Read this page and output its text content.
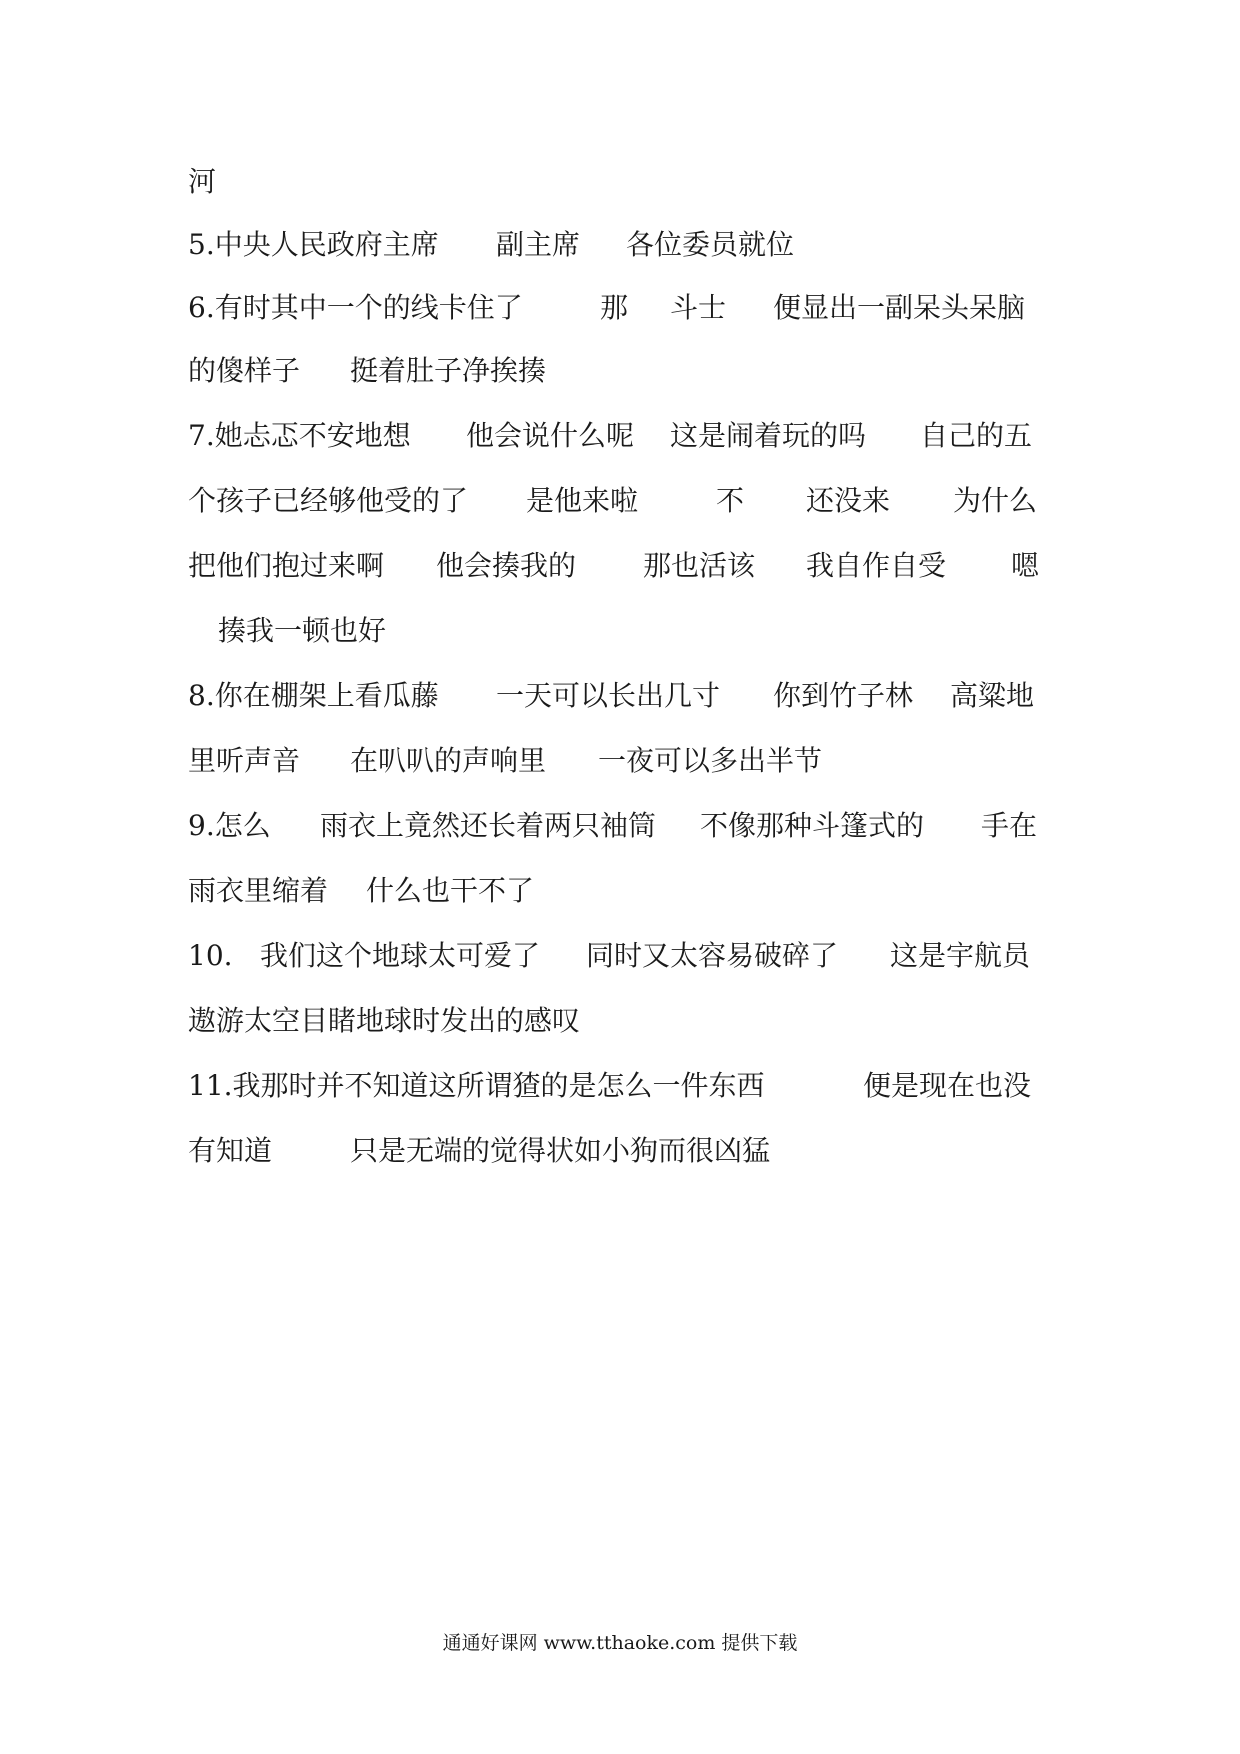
河
5.中央人民政府主席 副主席 各位委员就位
6.有时其中一个的线卡住了	那 斗士 便显出一副呆头呆脑
的傻样子 挺着肚子净挨揍
7.她忐忑不安地想 他会说什么呢 这是闹着玩的吗 自己的五
个孩子已经够他受的了 是他来啦	不 还没来 为什么
把他们抱过来啊 他会揍我的 那也活该 我自作自受 嗯
揍我一顿也好
8.你在棚架上看瓜藤 一天可以长出几寸 你到竹子林 高粱地
里听声音 在叭叭的声响里 一夜可以多出半节
9.怎么 雨衣上竟然还长着两只袖筒 不像那种斗篷式的 手在
雨衣里缩着 什么也干不了
10. 我们这个地球太可爱了 同时又太容易破碎了 这是宇航员
遨游太空目睹地球时发出的感叹
11.我那时并不知道这所谓猹的是怎么一件东西	便是现在也没
有知道	只是无端的觉得状如小狗而很凶猛
通通好课网 www.tthaoke.com 提供下载
